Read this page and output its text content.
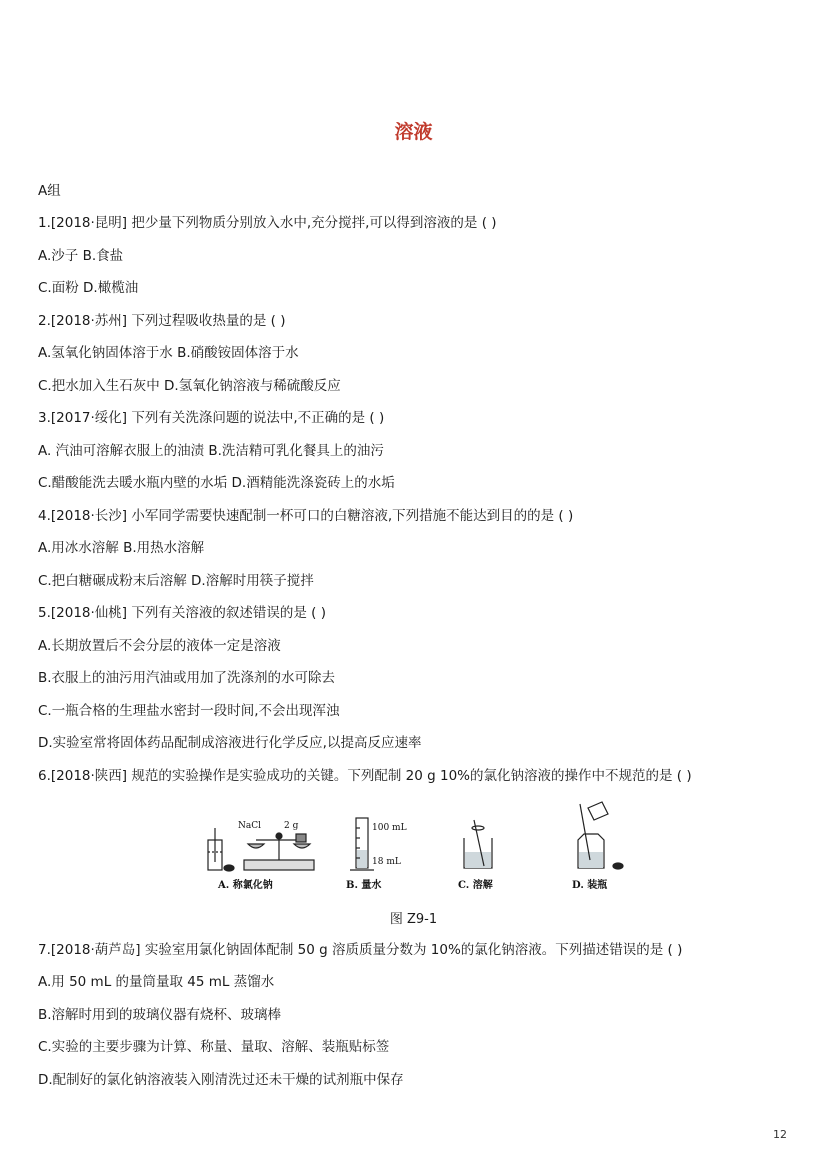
溶液
A组
1.[2018·昆明] 把少量下列物质分别放入水中,充分搅拌,可以得到溶液的是 ( )
A.沙子 B.食盐
C.面粉 D.橄榄油
2.[2018·苏州] 下列过程吸收热量的是 ( )
A.氢氧化钠固体溶于水 B.硝酸铵固体溶于水
C.把水加入生石灰中 D.氢氧化钠溶液与稀硫酸反应
3.[2017·绥化] 下列有关洗涤问题的说法中,不正确的是 ( )
A. 汽油可溶解衣服上的油渍 B.洗洁精可乳化餐具上的油污
C.醋酸能洗去暖水瓶内壁的水垢 D.酒精能洗涤瓷砖上的水垢
4.[2018·长沙] 小军同学需要快速配制一杯可口的白糖溶液,下列措施不能达到目的的是 ( )
A.用冰水溶解 B.用热水溶解
C.把白糖碾成粉末后溶解 D.溶解时用筷子搅拌
5.[2018·仙桃] 下列有关溶液的叙述错误的是 ( )
A.长期放置后不会分层的液体一定是溶液
B.衣服上的油污用汽油或用加了洗涤剂的水可除去
C.一瓶合格的生理盐水密封一段时间,不会出现浑浊
D.实验室常将固体药品配制成溶液进行化学反应,以提高反应速率
6.[2018·陕西] 规范的实验操作是实验成功的关键。下列配制 20 g 10%的氯化钠溶液的操作中不规范的是 ( )
NaCl	2 g	100 mL
18 mL
A. 称氯化钠	B. 量水	C. 溶解	D. 装瓶
图 Z9-1
7.[2018·葫芦岛] 实验室用氯化钠固体配制 50 g 溶质质量分数为 10%的氯化钠溶液。下列描述错误的是 ( )
A.用 50 mL 的量筒量取 45 mL 蒸馏水
B.溶解时用到的玻璃仪器有烧杯、玻璃棒
C.实验的主要步骤为计算、称量、量取、溶解、装瓶贴标签
D.配制好的氯化钠溶液装入刚清洗过还未干燥的试剂瓶中保存
12
